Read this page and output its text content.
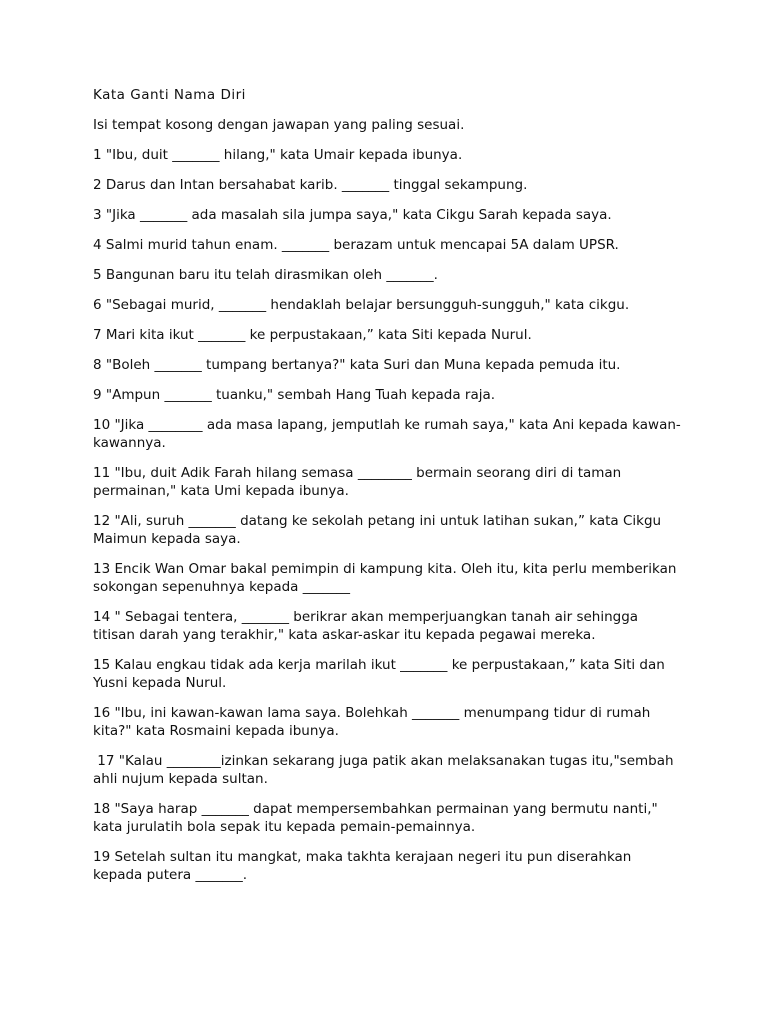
Kata Ganti Nama Diri

Isi tempat kosong dengan jawapan yang paling sesuai.

1 "Ibu, duit _______ hilang," kata Umair kepada ibunya.
2 Darus dan Intan bersahabat karib. _______ tinggal sekampung.
3 "Jika _______ ada masalah sila jumpa saya," kata Cikgu Sarah kepada saya.
4 Salmi murid tahun enam. _______ berazam untuk mencapai 5A dalam UPSR.
5 Bangunan baru itu telah dirasmikan oleh _______.
6 "Sebagai murid, _______ hendaklah belajar bersungguh-sungguh," kata cikgu.
7 Mari kita ikut _______ ke perpustakaan,” kata Siti kepada Nurul.
8 "Boleh _______ tumpang bertanya?" kata Suri dan Muna kepada pemuda itu.
9 "Ampun _______ tuanku," sembah Hang Tuah kepada raja.
10 "Jika ________ ada masa lapang, jemputlah ke rumah saya," kata Ani kepada kawan-kawannya.
11 "Ibu, duit Adik Farah hilang semasa ________ bermain seorang diri di taman permainan," kata Umi kepada ibunya.
12 "Ali, suruh _______ datang ke sekolah petang ini untuk latihan sukan,” kata Cikgu Maimun kepada saya.
13 Encik Wan Omar bakal pemimpin di kampung kita. Oleh itu, kita perlu memberikan sokongan sepenuhnya kepada _______
14 " Sebagai tentera, _______ berikrar akan memperjuangkan tanah air sehingga titisan darah yang terakhir," kata askar-askar itu kepada pegawai mereka.
15 Kalau engkau tidak ada kerja marilah ikut _______ ke perpustakaan,” kata Siti dan Yusni kepada Nurul.
16 "Ibu, ini kawan-kawan lama saya. Bolehkah _______ menumpang tidur di rumah kita?" kata Rosmaini kepada ibunya.
17 "Kalau ________izinkan sekarang juga patik akan melaksanakan tugas itu,"sembah ahli nujum kepada sultan.
18 "Saya harap _______ dapat mempersembahkan permainan yang bermutu nanti," kata jurulatih bola sepak itu kepada pemain-pemainnya.
19 Setelah sultan itu mangkat, maka takhta kerajaan negeri itu pun diserahkan kepada putera _______.
